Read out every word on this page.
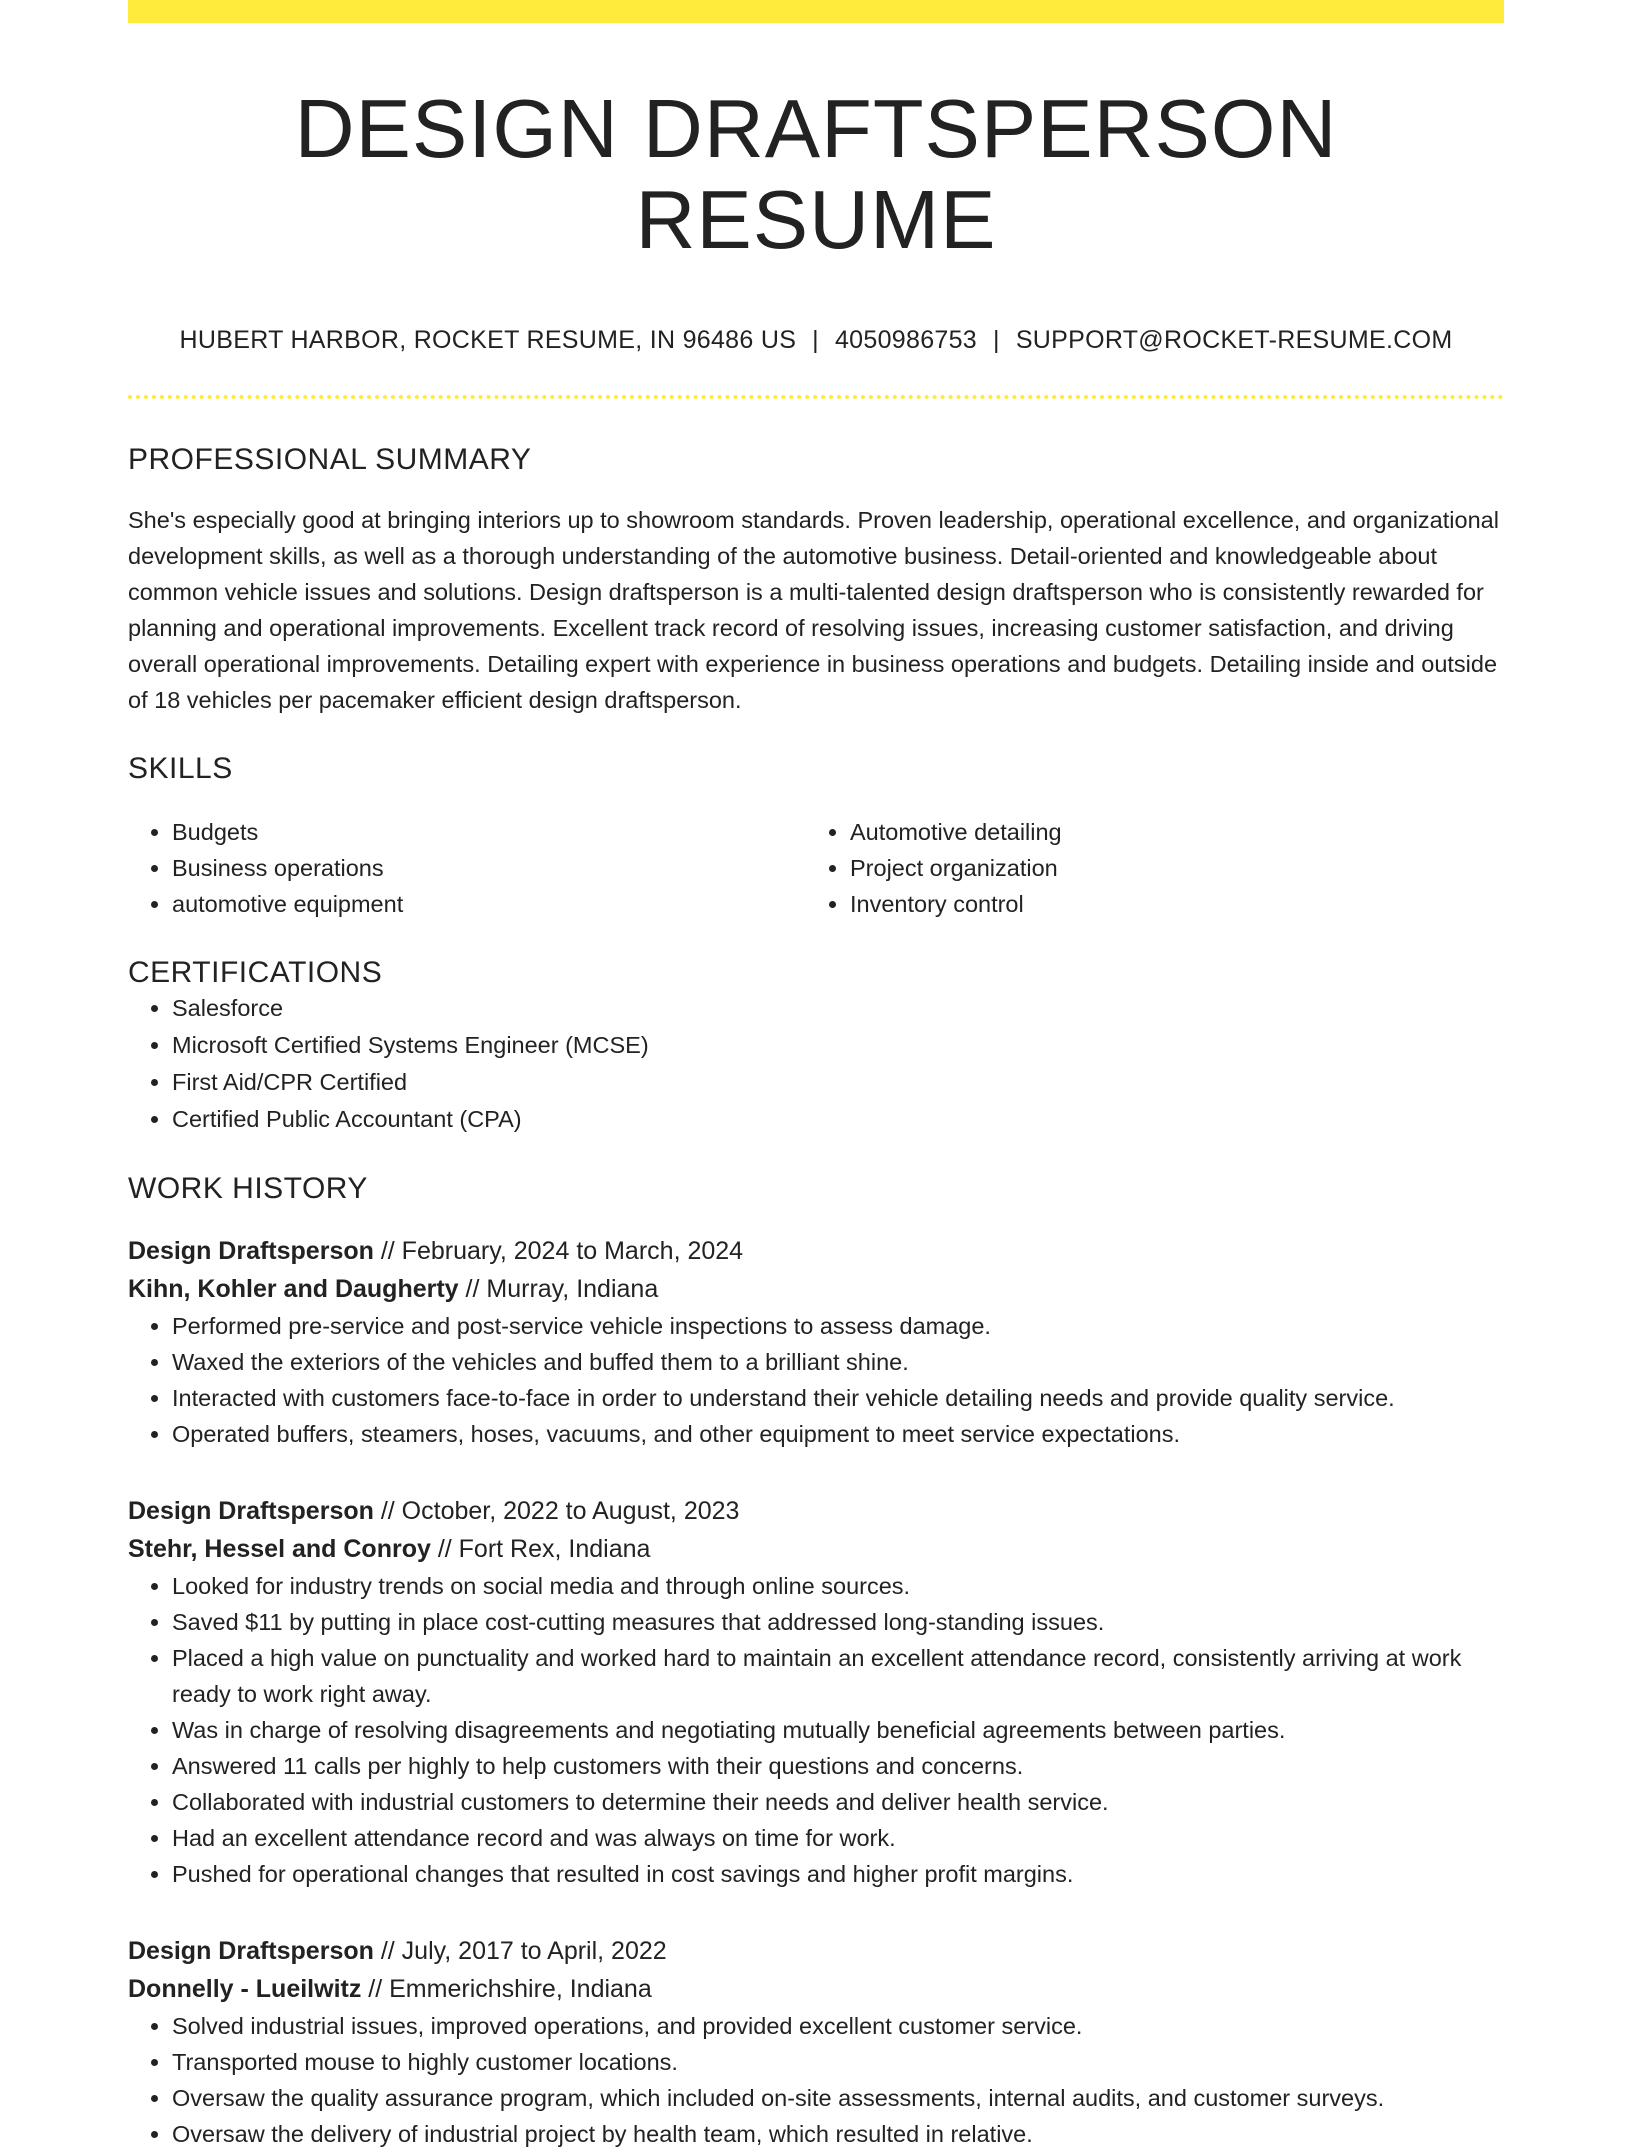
DESIGN DRAFTSPERSON RESUME
HUBERT HARBOR, ROCKET RESUME, IN 96486 US | 4050986753 | SUPPORT@ROCKET-RESUME.COM
PROFESSIONAL SUMMARY
She's especially good at bringing interiors up to showroom standards. Proven leadership, operational excellence, and organizational development skills, as well as a thorough understanding of the automotive business. Detail-oriented and knowledgeable about common vehicle issues and solutions. Design draftsperson is a multi-talented design draftsperson who is consistently rewarded for planning and operational improvements. Excellent track record of resolving issues, increasing customer satisfaction, and driving overall operational improvements. Detailing expert with experience in business operations and budgets. Detailing inside and outside of 18 vehicles per pacemaker efficient design draftsperson.
SKILLS
• Budgets
• Business operations
• automotive equipment
• Automotive detailing
• Project organization
• Inventory control
CERTIFICATIONS
• Salesforce
• Microsoft Certified Systems Engineer (MCSE)
• First Aid/CPR Certified
• Certified Public Accountant (CPA)
WORK HISTORY
Design Draftsperson // February, 2024 to March, 2024
Kihn, Kohler and Daugherty // Murray, Indiana
• Performed pre-service and post-service vehicle inspections to assess damage.
• Waxed the exteriors of the vehicles and buffed them to a brilliant shine.
• Interacted with customers face-to-face in order to understand their vehicle detailing needs and provide quality service.
• Operated buffers, steamers, hoses, vacuums, and other equipment to meet service expectations.
Design Draftsperson // October, 2022 to August, 2023
Stehr, Hessel and Conroy // Fort Rex, Indiana
• Looked for industry trends on social media and through online sources.
• Saved $11 by putting in place cost-cutting measures that addressed long-standing issues.
• Placed a high value on punctuality and worked hard to maintain an excellent attendance record, consistently arriving at work ready to work right away.
• Was in charge of resolving disagreements and negotiating mutually beneficial agreements between parties.
• Answered 11 calls per highly to help customers with their questions and concerns.
• Collaborated with industrial customers to determine their needs and deliver health service.
• Had an excellent attendance record and was always on time for work.
• Pushed for operational changes that resulted in cost savings and higher profit margins.
Design Draftsperson // July, 2017 to April, 2022
Donnelly - Lueilwitz // Emmerichshire, Indiana
• Solved industrial issues, improved operations, and provided excellent customer service.
• Transported mouse to highly customer locations.
• Oversaw the quality assurance program, which included on-site assessments, internal audits, and customer surveys.
• Oversaw the delivery of industrial project by health team, which resulted in relative.
